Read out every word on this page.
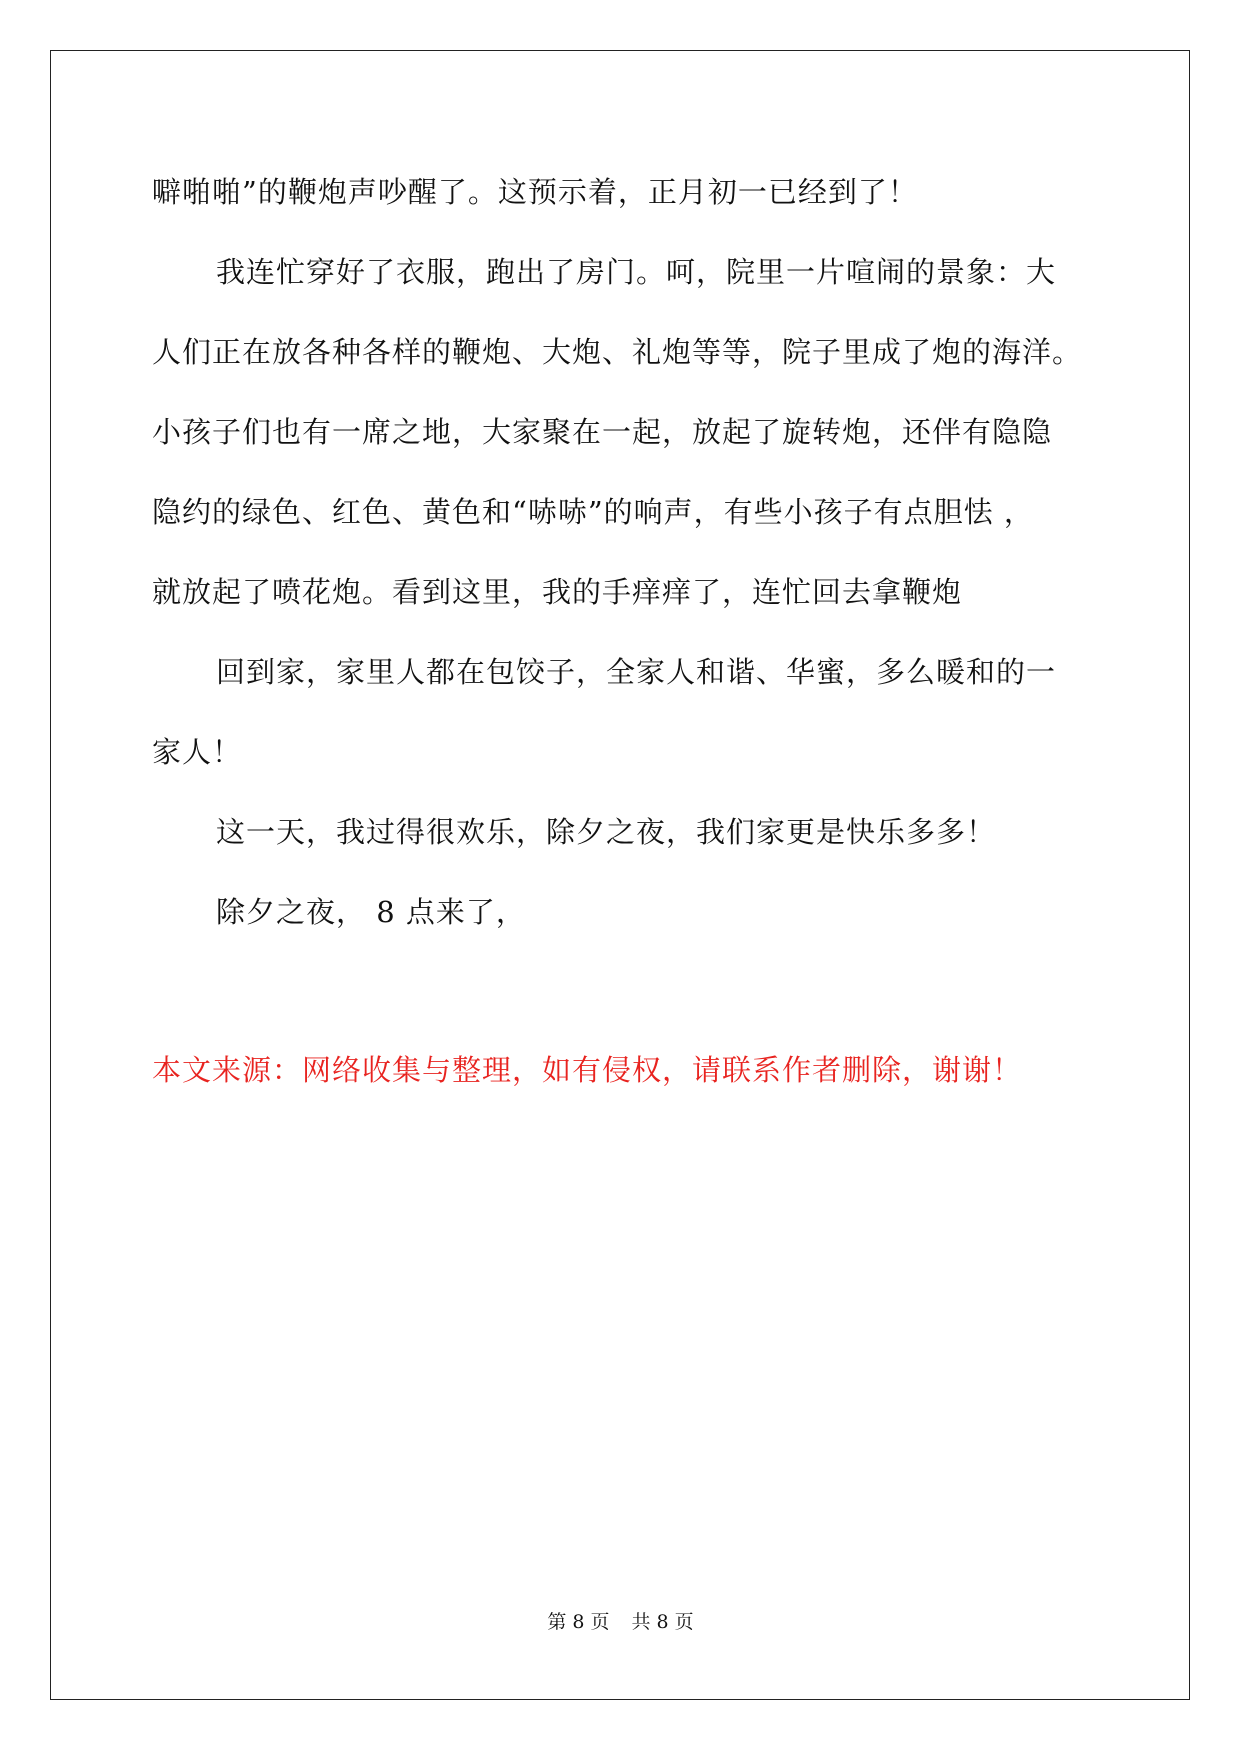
噼啪啪”的鞭炮声吵醒了。这预示着，正月初一已经到了！
我连忙穿好了衣服，跑出了房门。呵，院里一片喧闹的景象：大
人们正在放各种各样的鞭炮、大炮、礼炮等等，院子里成了炮的海洋。
小孩子们也有一席之地，大家聚在一起，放起了旋转炮，还伴有隐隐
隐约的绿色、红色、黄色和“哧哧”的响声，有些小孩子有点胆怯 ，
就放起了喷花炮。看到这里，我的手痒痒了，连忙回去拿鞭炮
回到家，家里人都在包饺子，全家人和谐、华蜜，多么暖和的一
家人！
这一天，我过得很欢乐，除夕之夜，我们家更是快乐多多！
除夕之夜， 8 点来了，
本文来源：网络收集与整理，如有侵权，请联系作者删除，谢谢！
第 8 页 共 8 页
